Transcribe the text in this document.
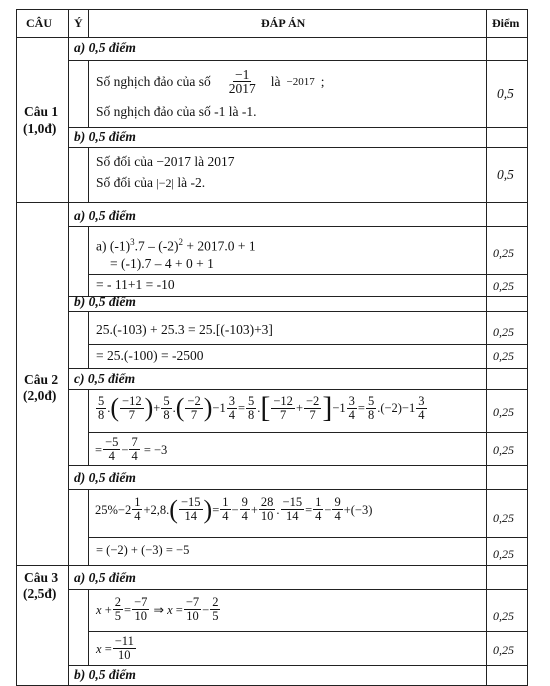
CÂU Ý	ĐÁP ÁN	Điểm
Câu 1
(1,0đ)
a) 0,5 điểm
Số nghịch đảo của số $\frac{-1}{2017}$ là −2017 ;
Số nghịch đảo của số -1 là -1.
0,5
b) 0,5 điểm
Số đối của −2017 là 2017
Số đối của |−2| là -2.
0,5
Câu 2
(2,0đ)
a) 0,5 điểm
a) $(-1)^3.7 - (-2)^2 + 2017.0 + 1$
= (-1).7 – 4 + 0 + 1
= - 11+1 = -10
0,25
0,25
b) 0,5 điểm
25.(-103) + 25.3 = 25.[(-103)+3]
= 25.(-100) = -2500
0,25
0,25
c) 0,5 điểm
$\frac{5}{8}$ . ( $\frac{-12}{7}$ ) + $\frac{5}{8}$ . ( $\frac{-2}{7}$ ) − $1 \frac{3}{4} = \frac{5}{8}$ . [ $\frac{-12}{7} + \frac{-2}{7}$ ] − $1 \frac{3}{4} = \frac{5}{8} .(-2)- 1 \frac{3}{4}$
= $\frac{-5}{4} - \frac{7}{4} = -3$
0,25
0,25
d) 0,5 điểm
$25\% -2 \frac{1}{4} +2,8$. ( $\frac{-15}{14}$ ) = $\frac{1}{4} - \frac{9}{4} + \frac{28}{10}$ . $\frac{-15}{14} = \frac{1}{4} - \frac{9}{4} +(-3)$
= (−2) + (−3) = −5
0,25
0,25
Câu 3
(2,5đ)
a) 0,5 điểm
$x + \frac{2}{5} = \frac{-7}{10}$ ⇒ $x = \frac{-7}{10} - \frac{2}{5}$
$x = \frac{-11}{10}$
0,25
0,25
b) 0,5 điểm
